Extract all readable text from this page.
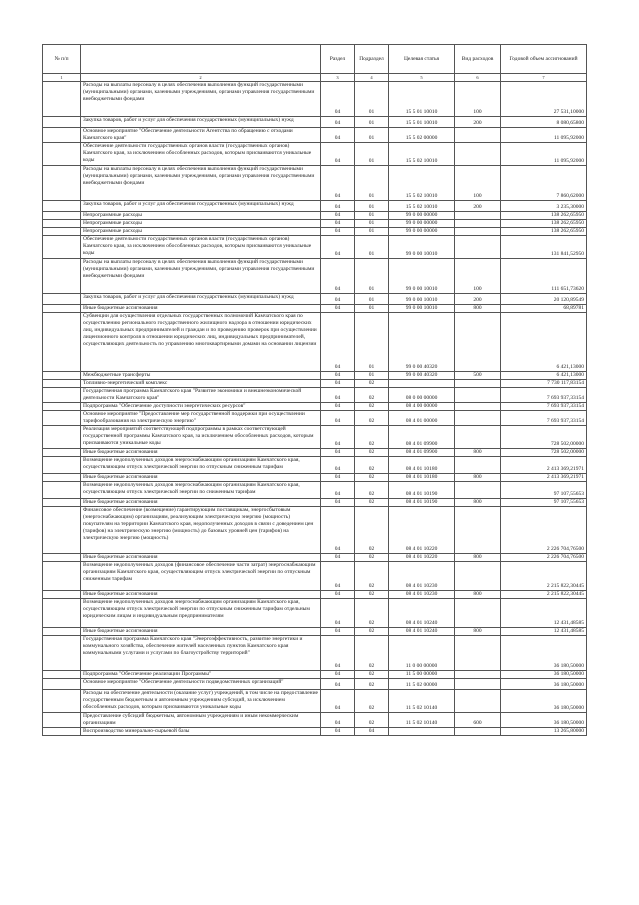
№ п/п		Раздел	Подраздел	Целевая статья	Вид расходов	Годовой объем ассигнований
1	2	3	4	5	6	7
	Расходы на выплаты персоналу в целях обеспечения выполнения функций государственными (муниципальными) органами, казенными учреждениями, органами управления государственными внебюджетными фондами	04	01	15 5 01 10010	100	27 531,10000
	Закупка товаров, работ и услуг для обеспечения государственных (муниципальных) нужд	04	01	15 5 01 10010	200	8 080,65800
	Основное мероприятие "Обеспечение деятельности Агентства по обращению с отходами Камчатского края"	04	01	15 5 02 00000		11 095,92000
	Обеспечение деятельности государственных органов власти (государственных органов) Камчатского края, за исключением обособленных расходов, которым присваиваются уникальные коды	04	01	15 5 02 10010		11 095,92000
	Расходы на выплаты персоналу в целях обеспечения выполнения функций государственными (муниципальными) органами, казенными учреждениями, органами управления государственными внебюджетными фондами	04	01	15 5 02 10010	100	7 860,62000
	Закупка товаров, работ и услуг для обеспечения государственных (муниципальных) нужд	04	01	15 5 02 10010	200	3 235,30000
	Непрограммные расходы	04	01	99 0 00 00000		138 262,65950
	Непрограммные расходы	04	01	99 0 00 00000		138 262,65950
	Непрограммные расходы	04	01	99 0 00 00000		138 262,65950
	Обеспечение деятельности государственных органов власти (государственных органов) Камчатского края, за исключением обособленных расходов, которым присваиваются уникальные коды	04	01	99 0 00 10010		131 841,52950
	Расходы на выплаты персоналу в целях обеспечения выполнения функций государственными (муниципальными) органами, казенными учреждениями, органами управления государственными внебюджетными фондами	04	01	99 0 00 10010	100	111 651,73620
	Закупка товаров, работ и услуг для обеспечения государственных (муниципальных) нужд	04	01	99 0 00 10010	200	20 120,89549
	Иные бюджетные ассигнования	04	01	99 0 00 10010	800	68,89781
	Субвенции для осуществления отдельных государственных полномочий Камчатского края по осуществлению регионального государственного жилищного надзора в отношении юридических лиц, индивидуальных предпринимателей и граждан и по проведению проверок при осуществлении лицензионного контроля в отношении юридических лиц, индивидуальных предпринимателей, осуществляющих деятельность по управлению многоквартирными домами на основании лицензии	04	01	99 0 00 40320		6 421,13000
	Межбюджетные трансферты	04	01	99 0 00 40320	500	6 421,13000
	Топливно-энергетический комплекс	04	02			7 730 117,83154
	Государственная программа Камчатского края "Развитие экономики и внешнеэкономической деятельности Камчатского края"	04	02	08 0 00 00000		7 693 937,33154
	Подпрограмма "Обеспечение доступности энергетических ресурсов"	04	02	08 4 00 00000		7 693 937,33154
	Основное мероприятие "Предоставление мер государственной поддержки при осуществлении тарифообразования на электрическую энергию"	04	02	08 4 01 00000		7 693 937,33154
	Реализация мероприятий соответствующей подпрограммы в рамках соответствующей государственной программы Камчатского края, за исключением обособленных расходов, которым присваиваются уникальные коды	04	02	08 4 01 09900		728 502,00000
	Иные бюджетные ассигнования	04	02	08 4 01 09900	800	728 502,00000
	Возмещение недополученных доходов энергоснабжающим организациям Камчатского края, осуществляющим отпуск электрической энергии по отпускным сниженным тарифам	04	02	08 4 01 10180		2 413 369,21971
	Иные бюджетные ассигнования	04	02	08 4 01 10180	800	2 413 369,21971
	Возмещение недополученных доходов энергоснабжающим организациям Камчатского края, осуществляющим отпуск электрической энергии по сниженным тарифам	04	02	08 4 01 10190		97 107,55653
	Иные бюджетные ассигнования	04	02	08 4 01 10190	800	97 107,55653
	Финансовое обеспечение (возмещение) гарантирующим поставщикам, энергосбытовым (энергоснабжающим) организациям, реализующим электрическую энергию (мощность) покупателям на территории Камчатского края, недополученных доходов в связи с доведением цен (тарифов) на электрическую энергию (мощность) до базовых уровней цен (тарифов) на электрическую энергию (мощность)	04	02	08 4 01 10220		2 226 704,76500
	Иные бюджетные ассигнования	04	02	08 4 01 10220	800	2 226 704,76500
	Возмещение недополученных доходов (финансовое обеспечение части затрат) энергоснабжающим организациям Камчатского края, осуществляющим отпуск электрической энергии по отпускным сниженным тарифам	04	02	08 4 01 10230		2 215 822,30445
	Иные бюджетные ассигнования	04	02	08 4 01 10230	800	2 215 822,30445
	Возмещение недополученных доходов энергоснабжающим организациям Камчатского края, осуществляющим отпуск электрической энергии по отпускным сниженным тарифам отдельным юридическим лицам и индивидуальным предпринимателям	04	02	08 4 01 10240		12 431,48585
	Иные бюджетные ассигнования	04	02	08 4 01 10240	800	12 431,48585
	Государственная программа Камчатского края "Энергоэффективность, развитие энергетики и коммунального хозяйства, обеспечение жителей населенных пунктов Камчатского края коммунальными услугами и услугами по благоустройству территорий"	04	02	11 0 00 00000		36 180,50000
	Подпрограмма "Обеспечение реализации Программы"	04	02	11 5 00 00000		36 180,50000
	Основное мероприятие "Обеспечение деятельности подведомственных организаций"	04	02	11 5 02 00000		36 180,50000
	Расходы на обеспечение деятельности (оказание услуг) учреждений, в том числе на предоставление государственным бюджетным и автономным учреждениям субсидий, за исключением обособленных расходов, которым присваиваются уникальные коды	04	02	11 5 02 10140		36 180,50000
	Предоставление субсидий бюджетным, автономным учреждениям и иным некоммерческим организациям	04	02	11 5 02 10140	600	36 180,50000
	Воспроизводство минерально-сырьевой базы	04	04			13 265,80000
